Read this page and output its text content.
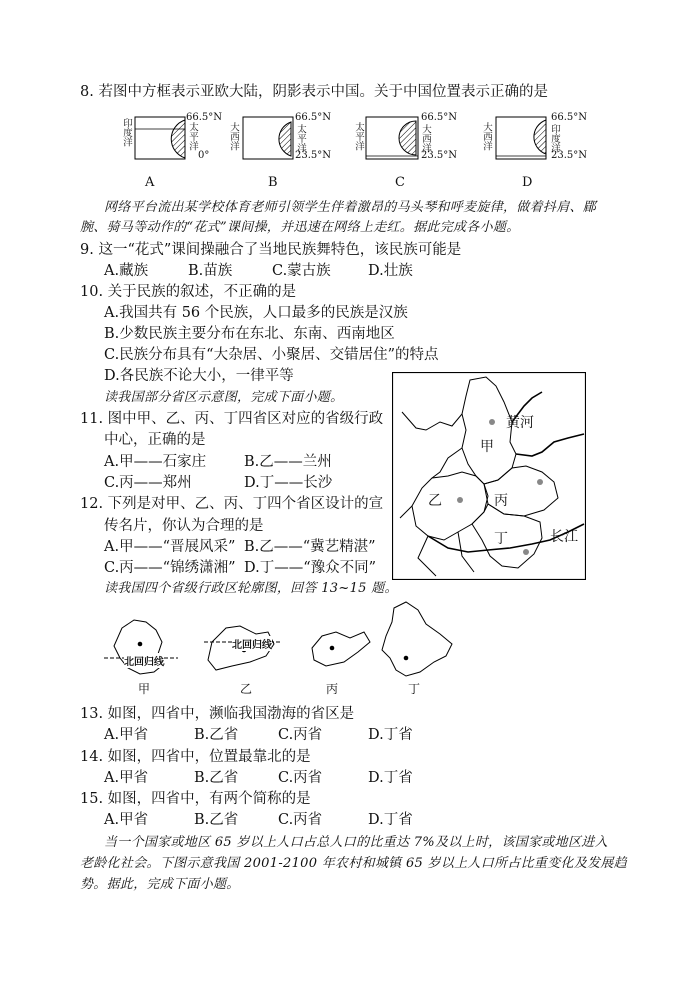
8. 若图中方框表示亚欧大陆，阴影表示中国。关于中国位置表示正确的是
印度洋	太平洋
66.5°N
0°
A
大西洋	太平洋
66.5°N
23.5°N
B
太平洋	大西洋
66.5°N
23.5°N
C
大西洋	印度洋
66.5°N
23.5°N
D
网络平台流出某学校体育老师引领学生伴着激昂的马头琴和呼麦旋律，做着抖肩、郿
腕、骑马等动作的“花式”课间操，并迅速在网络上走红。据此完成各小题。
9. 这一“花式”课间操融合了当地民族舞特色，该民族可能是
A.藏族	B.苗族	C.蒙古族	D.壮族
10. 关于民族的叙述，不正确的是
A.我国共有 56 个民族，人口最多的民族是汉族
B.少数民族主要分布在东北、东南、西南地区
C.民族分布具有“大杂居、小聚居、交错居住”的特点
D.各民族不论大小，一律平等
读我国部分省区示意图，完成下面小题。
黄河
甲
乙	丙
丁	长江
11. 图中甲、乙、丙、丁四省区对应的省级行政
中心，正确的是
A.甲——石家庄	B.乙——兰州
C.丙——郑州	D.丁——长沙
12. 下列是对甲、乙、丙、丁四个省区设计的宣
传名片，你认为合理的是
A.甲——“晋展风采” B.乙——“冀艺精湛”
C.丙——“锦绣潇湘” D.丁——“豫众不同”
读我国四个省级行政区轮廓图，回答 13~15 题。
北回归线
北回归线
甲	乙	丙	丁
13. 如图，四省中，濒临我国渤海的省区是
A.甲省	B.乙省	C.丙省	D.丁省
14. 如图，四省中，位置最靠北的是
A.甲省	B.乙省	C.丙省	D.丁省
15. 如图，四省中，有两个简称的是
A.甲省	B.乙省	C.丙省	D.丁省
当一个国家或地区 65 岁以上人口占总人口的比重达 7%及以上时，该国家或地区进入
老龄化社会。下图示意我国 2001-2100 年农村和城镇 65 岁以上人口所占比重变化及发展趋
势。据此，完成下面小题。
